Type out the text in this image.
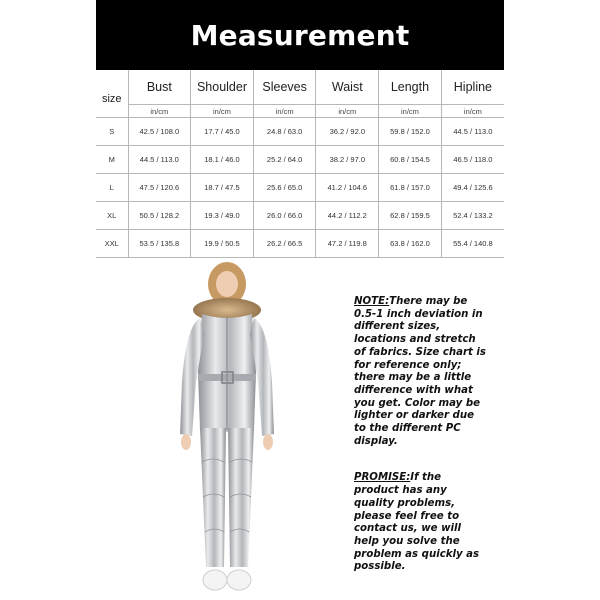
Measurement
size	Bust	Shoulder	Sleeves	Waist	Length	Hipline
	in/cm	in/cm	in/cm	in/cm	in/cm	in/cm
S	42.5 / 108.0	17.7 / 45.0	24.8 / 63.0	36.2 / 92.0	59.8 / 152.0	44.5 / 113.0
M	44.5 / 113.0	18.1 / 46.0	25.2 / 64.0	38.2 / 97.0	60.8 / 154.5	46.5 / 118.0
L	47.5 / 120.6	18.7 / 47.5	25.6 / 65.0	41.2 / 104.6	61.8 / 157.0	49.4 / 125.6
XL	50.5 / 128.2	19.3 / 49.0	26.0 / 66.0	44.2 / 112.2	62.8 / 159.5	52.4 / 133.2
XXL	53.5 / 135.8	19.9 / 50.5	26.2 / 66.5	47.2 / 119.8	63.8 / 162.0	55.4 / 140.8

NOTE:There may be 0.5-1 inch deviation in different sizes, locations and stretch of fabrics. Size chart is for reference only; there may be a little difference with what you get. Color may be lighter or darker due to the different PC display.

PROMISE:If the product has any quality problems, please feel free to contact us, we will help you solve the problem as quickly as possible.
